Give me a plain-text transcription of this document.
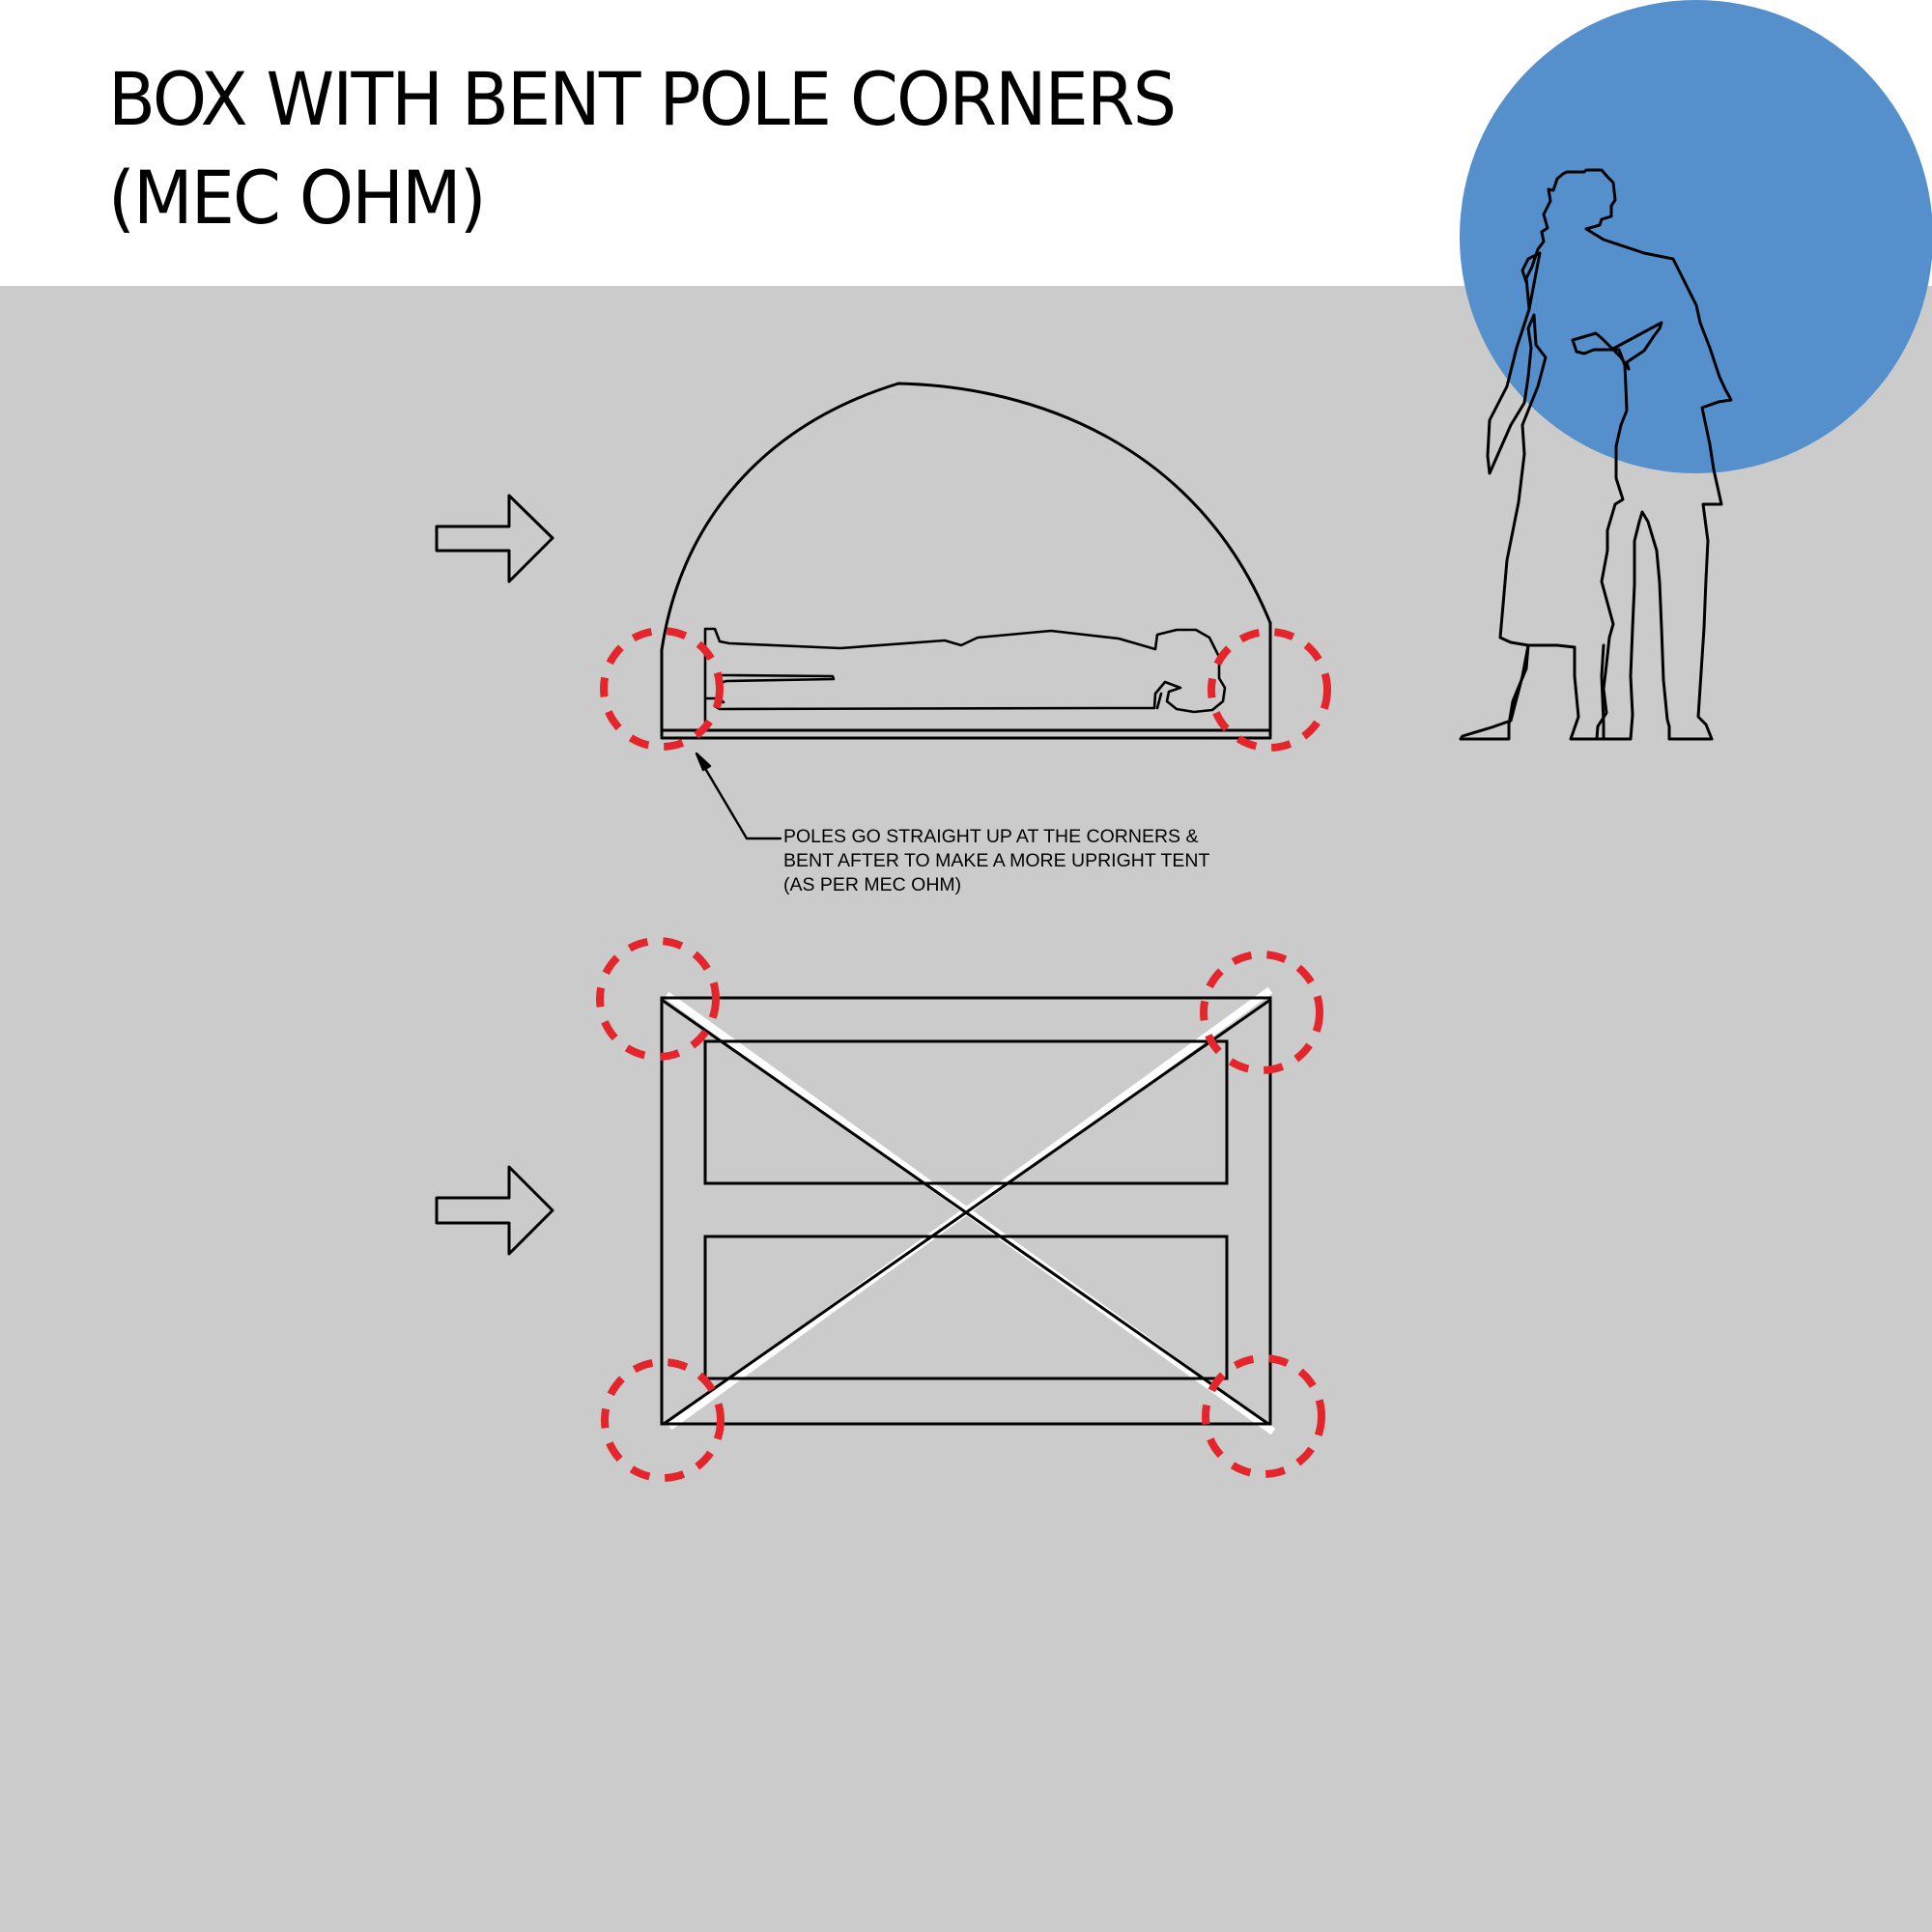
BOX WITH BENT POLE CORNERS
(MEC OHM)
POLES GO STRAIGHT UP AT THE CORNERS &
BENT AFTER TO MAKE A MORE UPRIGHT TENT
(AS PER MEC OHM)
